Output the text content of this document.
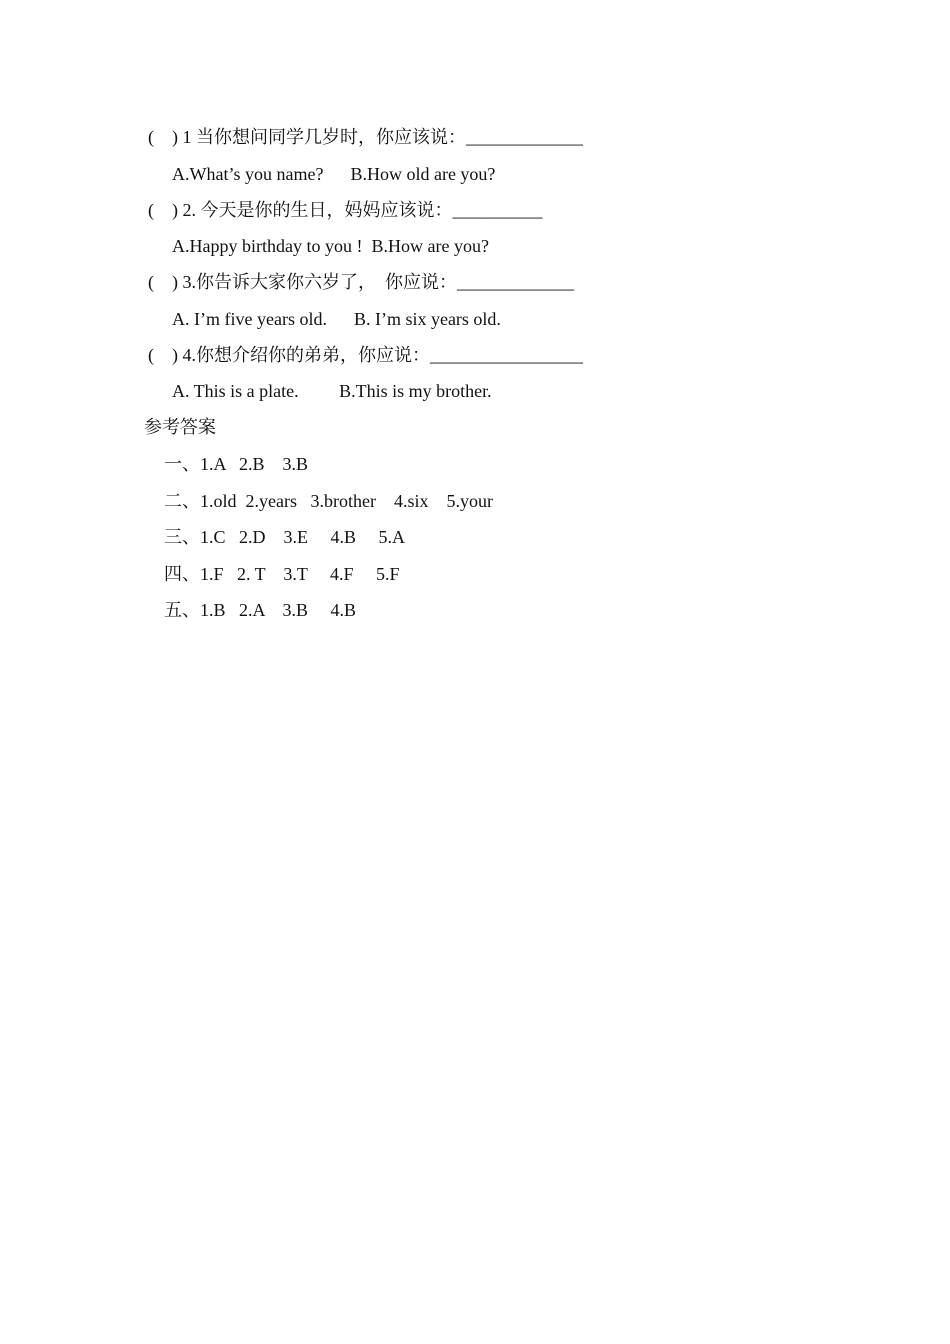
(    ) 1 当你想问同学几岁时，你应该说：_____________
A.What’s you name?      B.How old are you?
(    ) 2. 今天是你的生日，妈妈应该说：__________
A.Happy birthday to you !  B.How are you?
(    ) 3.你告诉大家你六岁了，  你应说：_____________
A. I’m five years old.      B. I’m six years old.
(    ) 4.你想介绍你的弟弟，你应说：_________________
A. This is a plate.         B.This is my brother.
参考答案
一、1.A   2.B    3.B
二、1.old  2.years   3.brother    4.six    5.your
三、1.C   2.D    3.E     4.B     5.A
四、1.F   2. T    3.T     4.F     5.F
五、1.B   2.A    3.B     4.B
